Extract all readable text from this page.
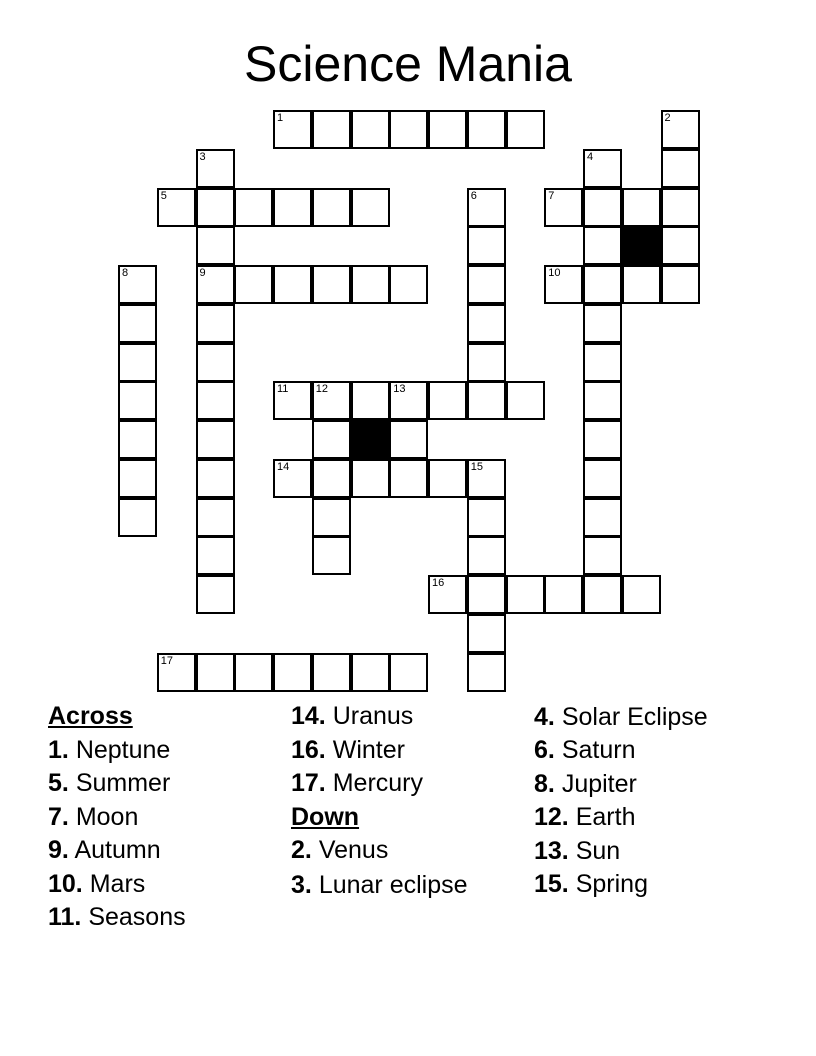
Science Mania
1	2
3
9
4
5	6	7
8	10
11 12	13
14	15
16
17

Across

1. Neptune

5. Summer

7. Moon

9. Autumn

10. Mars

11. Seasons

14. Uranus

16. Winter

17. Mercury

Down

2. Venus

3. Lunar eclipse

4. Solar Eclipse

6. Saturn

8. Jupiter

12. Earth

13. Sun

15. Spring
